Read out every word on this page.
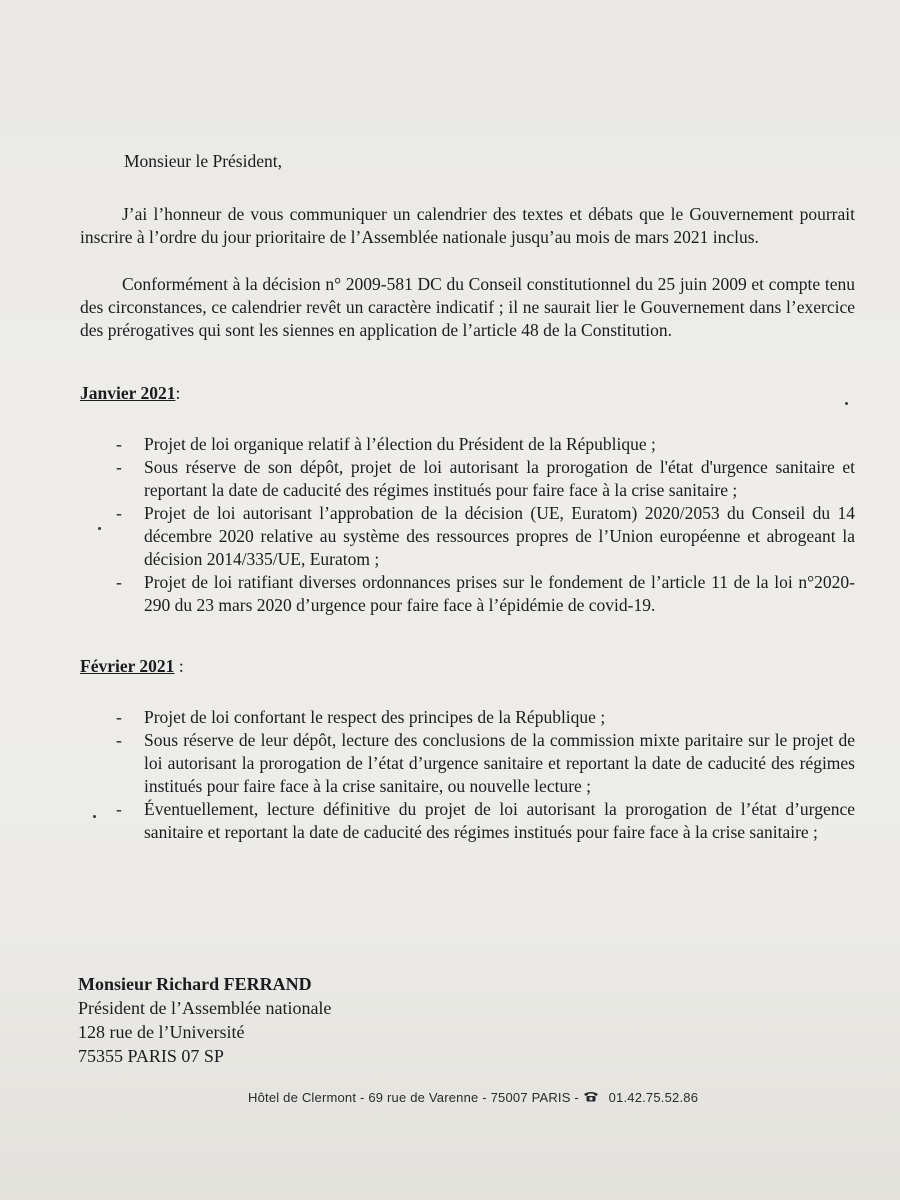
Monsieur le Président,

J’ai l’honneur de vous communiquer un calendrier des textes et débats que le Gouvernement pourrait inscrire à l’ordre du jour prioritaire de l’Assemblée nationale jusqu’au mois de mars 2021 inclus.

Conformément à la décision n° 2009-581 DC du Conseil constitutionnel du 25 juin 2009 et compte tenu des circonstances, ce calendrier revêt un caractère indicatif ; il ne saurait lier le Gouvernement dans l’exercice des prérogatives qui sont les siennes en application de l’article 48 de la Constitution.

Janvier 2021:
- Projet de loi organique relatif à l’élection du Président de la République ;
- Sous réserve de son dépôt, projet de loi autorisant la prorogation de l'état d'urgence sanitaire et reportant la date de caducité des régimes institués pour faire face à la crise sanitaire ;
- Projet de loi autorisant l’approbation de la décision (UE, Euratom) 2020/2053 du Conseil du 14 décembre 2020 relative au système des ressources propres de l’Union européenne et abrogeant la décision 2014/335/UE, Euratom ;
- Projet de loi ratifiant diverses ordonnances prises sur le fondement de l’article 11 de la loi n°2020-290 du 23 mars 2020 d’urgence pour faire face à l’épidémie de covid-19.
Février 2021 :
- Projet de loi confortant le respect des principes de la République ;
- Sous réserve de leur dépôt, lecture des conclusions de la commission mixte paritaire sur le projet de loi autorisant la prorogation de l’état d’urgence sanitaire et reportant la date de caducité des régimes institués pour faire face à la crise sanitaire, ou nouvelle lecture ;
- Éventuellement, lecture définitive du projet de loi autorisant la prorogation de l’état d’urgence sanitaire et reportant la date de caducité des régimes institués pour faire face à la crise sanitaire ;
Monsieur Richard FERRAND
Président de l’Assemblée nationale
128 rue de l’Université
75355 PARIS 07 SP
Hôtel de Clermont - 69 rue de Varenne - 75007 PARIS - 01.42.75.52.86
